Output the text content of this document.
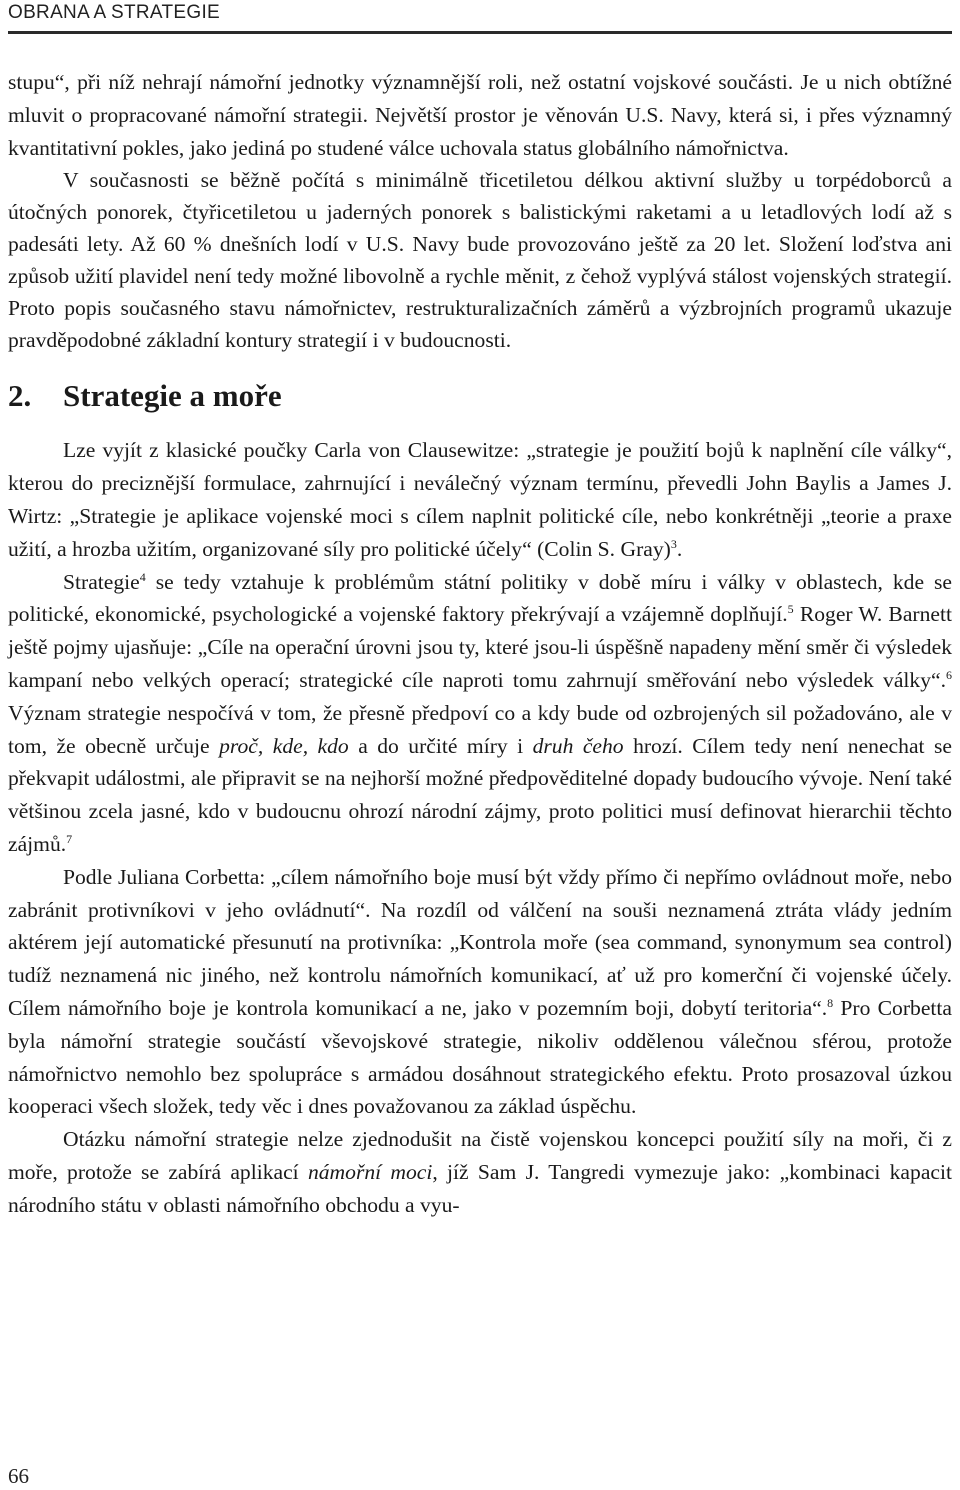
OBRANA A STRATEGIE

stupu“, při níž nehrají námořní jednotky významnější roli, než ostatní vojskové součásti. Je u nich obtížné mluvit o propracované námořní strategii. Největší prostor je věnován U.S. Navy, která si, i přes významný kvantitativní pokles, jako jediná po studené válce uchovala status globálního námořnictva.

V současnosti se běžně počítá s minimálně třicetiletou délkou aktivní služby u torpédoborců a útočných ponorek, čtyřicetiletou u jaderných ponorek s balistickými raketami a u letadlových lodí až s padesáti lety. Až 60 % dnešních lodí v U.S. Navy bude provozováno ještě za 20 let. Složení loďstva ani způsob užití plavidel není tedy možné libovolně a rychle měnit, z čehož vyplývá stálost vojenských strategií. Proto popis současného stavu námořnictev, restrukturalizačních záměrů a výzbrojních programů ukazuje pravděpodobné základní kontury strategií i v budoucnosti.

2. Strategie a moře

Lze vyjít z klasické poučky Carla von Clausewitze: „strategie je použití bojů k naplnění cíle války“, kterou do preciznější formulace, zahrnující i neválečný význam termínu, převedli John Baylis a James J. Wirtz: „Strategie je aplikace vojenské moci s cílem naplnit politické cíle, nebo konkrétněji „teorie a praxe užití, a hrozba užitím, organizované síly pro politické účely“ (Colin S. Gray)$^3$.

Strategie$^4$ se tedy vztahuje k problémům státní politiky v době míru i války v oblastech, kde se politické, ekonomické, psychologické a vojenské faktory překrývají a vzájemně doplňují.$^5$ Roger W. Barnett ještě pojmy ujasňuje: „Cíle na operační úrovni jsou ty, které jsou-li úspěšně napadeny mění směr či výsledek kampaní nebo velkých operací; strategické cíle naproti tomu zahrnují směřování nebo výsledek války“.$^6$ Význam strategie nespočívá v tom, že přesně předpoví co a kdy bude od ozbrojených sil požadováno, ale v tom, že obecně určuje proč, kde, kdo a do určité míry i druh čeho hrozí. Cílem tedy není nenechat se překvapit událostmi, ale připravit se na nejhorší možné předpověditelné dopady budoucího vývoje. Není také většinou zcela jasné, kdo v budoucnu ohrozí národní zájmy, proto politici musí definovat hierarchii těchto zájmů.$^7$

Podle Juliana Corbetta: „cílem námořního boje musí být vždy přímo či nepřímo ovládnout moře, nebo zabránit protivníkovi v jeho ovládnutí“. Na rozdíl od válčení na souši neznamená ztráta vlády jedním aktérem její automatické přesunutí na protivníka: „Kontrola moře (sea command, synonymum sea control) tudíž neznamená nic jiného, než kontrolu námořních komunikací, ať už pro komerční či vojenské účely. Cílem námořního boje je kontrola komunikací a ne, jako v pozemním boji, dobytí teritoria“.$^8$ Pro Corbetta byla námořní strategie součástí vševojskové strategie, nikoliv oddělenou válečnou sférou, protože námořnictvo nemohlo bez spolupráce s armádou dosáhnout strategického efektu. Proto prosazoval úzkou kooperaci všech složek, tedy věc i dnes považovanou za základ úspěchu.

Otázku námořní strategie nelze zjednodušit na čistě vojenskou koncepci použití síly na moři, či z moře, protože se zabírá aplikací námořní moci, jíž Sam J. Tangredi vymezuje jako: „kombinaci kapacit národního státu v oblasti námořního obchodu a vyu-

66
